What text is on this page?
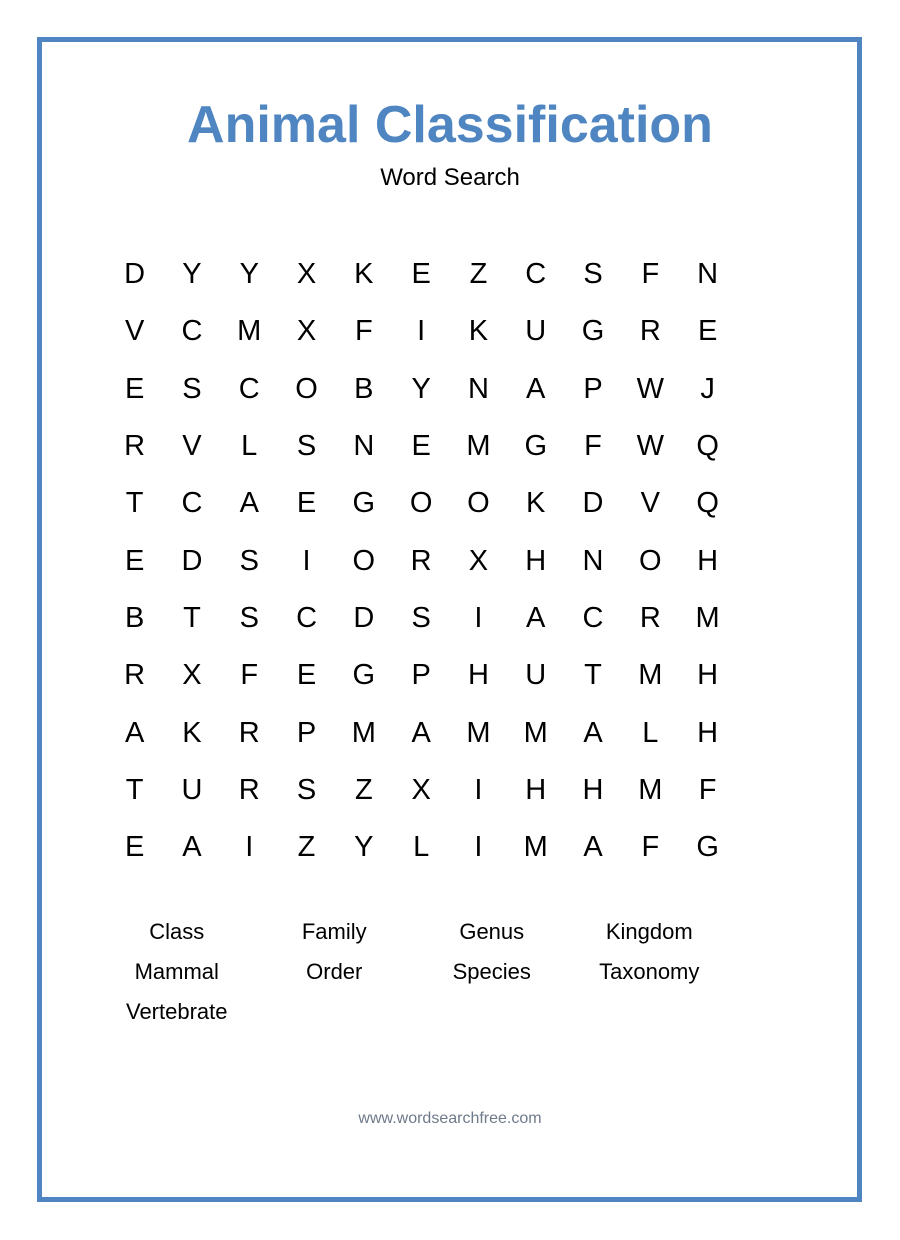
Animal Classification
Word Search
D	Y	Y	X	K	E	Z	C	S	F	N
V	C	M	X	F	I	K	U	G	R	E
E	S	C	O	B	Y	N	A	P	W	J
R	V	L	S	N	E	M	G	F	W	Q
T	C	A	E	G	O	O	K	D	V	Q
E	D	S	I	O	R	X	H	N	O	H
B	T	S	C	D	S	I	A	C	R	M
R	X	F	E	G	P	H	U	T	M	H
A	K	R	P	M	A	M	M	A	L	H
T	U	R	S	Z	X	I	H	H	M	F
E	A	I	Z	Y	L	I	M	A	F	G
Class	Family	Genus	Kingdom
Mammal	Order	Species	Taxonomy
Vertebrate
www.wordsearchfree.com
